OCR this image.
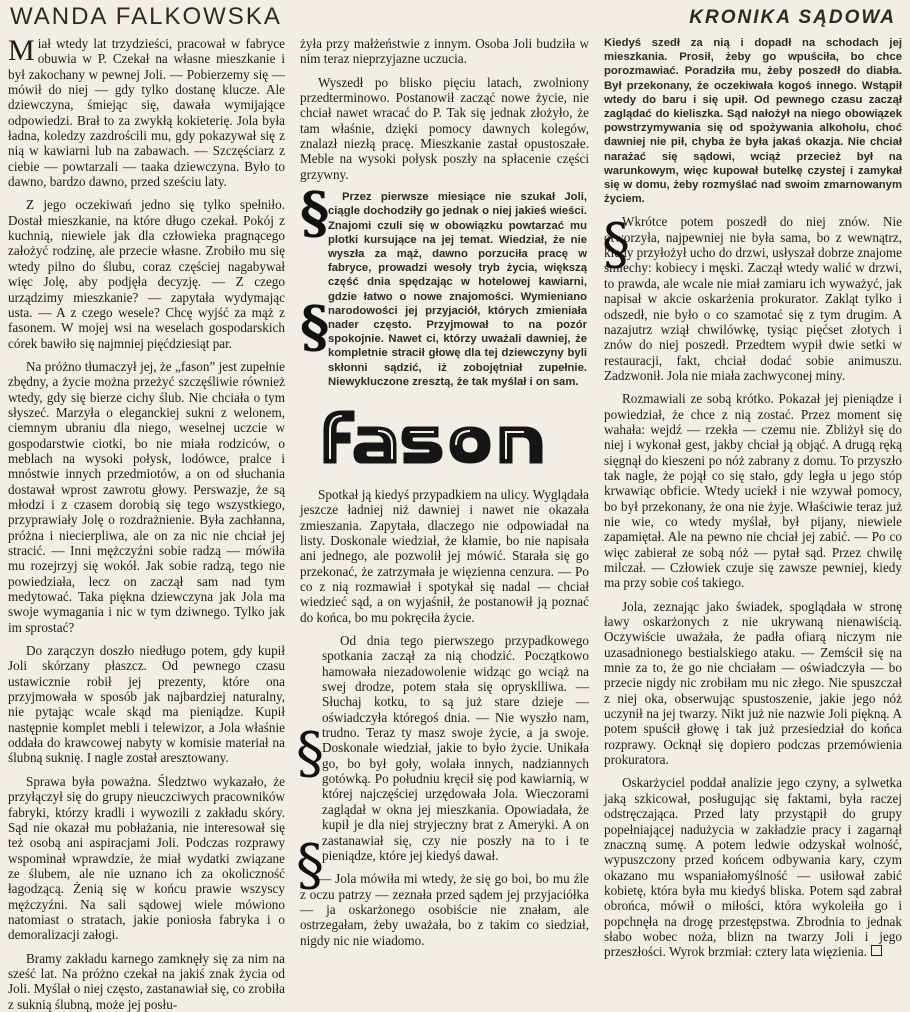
WANDA FALKOWSKA	KRONIKA SĄDOWA

Miał wtedy lat trzydzieści, pracował w fabryce obuwia w P. Czekał na własne mieszkanie i był zakochany w pewnej Joli. — Pobierzemy się — mówił do niej — gdy tylko dostanę klucze. Ale dziewczyna, śmiejąc się, dawała wymijające odpowiedzi. Brał to za zwykłą kokieterię. Jola była ładna, koledzy zazdrościli mu, gdy pokazywał się z nią w kawiarni lub na zabawach. — Szczęściarz z ciebie — powtarzali — taaka dziewczyna. Było to dawno, bardzo dawno, przed sześciu laty.

Z jego oczekiwań jedno się tylko spełniło. Dostał mieszkanie, na które długo czekał. Pokój z kuchnią, niewiele jak dla człowieka pragnącego założyć rodzinę, ale przecie własne. Zrobiło mu się wtedy pilno do ślubu, coraz częściej nagabywał więc Jolę, aby podjęła decyzję. — Z czego urządzimy mieszkanie? — zapytała wydymając usta. — A z czego wesele? Chcę wyjść za mąż z fasonem. W mojej wsi na weselach gospodarskich córek bawiło się najmniej pięćdziesiąt par.

Na próżno tłumaczył jej, że „fason” jest zupełnie zbędny, a życie można przeżyć szczęśliwie również wtedy, gdy się bierze cichy ślub. Nie chciała o tym słyszeć. Marzyła o eleganckiej sukni z welonem, ciemnym ubraniu dla niego, weselnej uczcie w gospodarstwie ciotki, bo nie miała rodziców, o meblach na wysoki połysk, lodówce, pralce i mnóstwie innych przedmiotów, a on od słuchania dostawał wprost zawrotu głowy. Perswazje, że są młodzi i z czasem dorobią się tego wszystkiego, przyprawiały Jolę o rozdrażnienie. Była zachłanna, próżna i niecierpliwa, ale on za nic nie chciał jej stracić. — Inni mężczyźni sobie radzą — mówiła mu rozejrzyj się wokół. Jak sobie radzą, tego nie powiedziała, lecz on zaczął sam nad tym medytować. Taka piękna dziewczyna jak Jola ma swoje wymagania i nic w tym dziwnego. Tylko jak im sprostać?

Do zarączyn doszło niedługo potem, gdy kupił Joli skórzany płaszcz. Od pewnego czasu ustawicznie robił jej prezenty, które ona przyjmowała w sposób jak najbardziej naturalny, nie pytając wcale skąd ma pieniądze. Kupił następnie komplet mebli i telewizor, a Jola właśnie oddała do krawcowej nabyty w komisie materiał na ślubną suknię. I nagle został aresztowany.

Sprawa była poważna. Śledztwo wykazało, że przyłączył się do grupy nieuczciwych pracowników fabryki, którzy kradli i wywozili z zakładu skóry. Sąd nie okazał mu pobłażania, nie interesował się też osobą ani aspiracjami Joli. Podczas rozprawy wspominał wprawdzie, że miał wydatki związane ze ślubem, ale nie uznano ich za okoliczność łagodzącą. Żenią się w końcu prawie wszyscy mężczyźni. Na sali sądowej wiele mówiono natomiast o stratach, jakie poniosła fabryka i o demoralizacji załogi.

Bramy zakładu karnego zamknęły się za nim na sześć lat. Na próżno czekał na jakiś znak życia od Joli. Myślał o niej często, zastanawiał się, co zrobiła z suknią ślubną, może jej posłu-

żyła przy małżeństwie z innym. Osoba Joli budziła w nim teraz nieprzyjazne uczucia.

Wyszedł po blisko pięciu latach, zwolniony przedterminowo. Postanowił zacząć nowe życie, nie chciał nawet wracać do P. Tak się jednak złożyło, że tam właśnie, dzięki pomocy dawnych kolegów, znalazł niezłą pracę. Mieszkanie zastał opustoszałe. Meble na wysoki połysk poszły na spłacenie części grzywny.

§
§

Przez pierwsze miesiące nie szukał Joli, ciągle dochodziły go jednak o niej jakieś wieści. Znajomi czuli się w obowiązku powtarzać mu plotki kursujące na jej temat. Wiedział, że nie wyszła za mąż, dawno porzuciła pracę w fabryce, prowadzi wesoły tryb życia, większą część dnia spędzając w hotelowej kawiarni, gdzie łatwo o nowe znajomości. Wymieniano narodowości jej przyjaciół, których zmieniała nader często. Przyjmował to na pozór spokojnie. Nawet ci, którzy uważali dawniej, że kompletnie stracił głowę dla tej dziewczyny byli skłonni sądzić, iż zobojętniał zupełnie. Niewykluczone zresztą, że tak myślał i on sam.

Spotkał ją kiedyś przypadkiem na ulicy. Wyglądała jeszcze ładniej niż dawniej i nawet nie okazała zmieszania. Zapytała, dlaczego nie odpowiadał na listy. Doskonale wiedział, że kłamie, bo nie napisała ani jednego, ale pozwolił jej mówić. Starała się go przekonać, że zatrzymała je więzienna cenzura. — Po co z nią rozmawiał i spotykał się nadal — chciał wiedzieć sąd, a on wyjaśnił, że postanowił ją poznać do końca, bo mu pokręciła życie.

§
§

Od dnia tego pierwszego przypadkowego spotkania zaczął za nią chodzić. Początkowo hamowała niezadowolenie widząc go wciąż na swej drodze, potem stała się oprysklliwa. — Słuchaj kotku, to są już stare dzieje — oświadczyła któregoś dnia. — Nie wyszło nam, trudno. Teraz ty masz swoje życie, a ja swoje. Doskonale wiedział, jakie to było życie. Unikała go, bo był goły, wolała innych, nadziannych gotówką. Po południu kręcił się pod kawiarnią, w której najczęściej urzędowała Jola. Wieczorami zaglądał w okna jej mieszkania. Opowiadała, że kupił je dla niej stryjeczny brat z Ameryki. A on zastanawiał się, czy nie poszły na to i te pieniądze, które jej kiedyś dawał.

— Jola mówiła mi wtedy, że się go boi, bo mu źle z oczu patrzy — zeznała przed sądem jej przyjaciółka — ja oskarżonego osobiście nie znałam, ale ostrzegałam, żeby uważała, bo z takim co siedział, nigdy nic nie wiadomo.

Kiedyś szedł za nią i dopadł na schodach jej mieszkania. Prosił, żeby go wpuściła, bo chce porozmawiać. Poradziła mu, żeby poszedł do diabła. Był przekonany, że oczekiwała kogoś innego. Wstąpił wtedy do baru i się upił. Od pewnego czasu zaczął zaglądać do kieliszka. Sąd nałożył na niego obowiązek powstrzymywania się od spożywania alkoholu, choć dawniej nie pił, chyba że była jakaś okazja. Nie chciał narażać się sądowi, wciąż przecież był na warunkowym, więc kupował butelkę czystej i zamykał się w domu, żeby rozmyślać nad swoim zmarnowanym życiem.

§

Wkrótce potem poszedł do niej znów. Nie otworzyła, najpewniej nie była sama, bo z wewnątrz, kiedy przyłożył ucho do drzwi, usłyszał dobrze znajome śmiechy: kobiecy i męski. Zaczął wtedy walić w drzwi, to prawda, ale wcale nie miał zamiaru ich wyważyć, jak napisał w akcie oskarżenia prokurator. Zakląt tylko i odszedł, nie było o co szamotać się z tym drugim. A nazajutrz wziął chwilówkę, tysiąc pięćset złotych i znów do niej poszedł. Przedtem wypił dwie setki w restauracji, fakt, chciał dodać sobie animuszu. Zadzwonił. Jola nie miała zachwyconej miny.

Rozmawiali ze sobą krótko. Pokazał jej pieniądze i powiedział, że chce z nią zostać. Przez moment się wahała: wejdź — rzekła — czemu nie. Zbliżył się do niej i wykonał gest, jakby chciał ją objąć. A drugą ręką sięgnął do kieszeni po nóż zabrany z domu. To przyszło tak nagle, że pojął co się stało, gdy legła u jego stóp krwawiąc obficie. Wtedy uciekł i nie wzywał pomocy, bo był przekonany, że ona nie żyje. Właściwie teraz już nie wie, co wtedy myślał, był pijany, niewiele zapamiętał. Ale na pewno nie chciał jej zabić. — Po co więc zabierał ze sobą nóż — pytał sąd. Przez chwilę milczał. — Człowiek czuje się zawsze pewniej, kiedy ma przy sobie coś takiego.

Jola, zeznając jako świadek, spoglądała w stronę ławy oskarżonych z nie ukrywaną nienawiścią. Oczywiście uważała, że padła ofiarą niczym nie uzasadnionego bestialskiego ataku. — Zemścił się na mnie za to, że go nie chciałam — oświadczyła — bo przecie nigdy nic zrobiłam mu nic złego. Nie spuszczał z niej oka, obserwując spustoszenie, jakie jego nóż uczynił na jej twarzy. Nikt już nie nazwie Joli piękną. A potem spuścił głowę i tak już przesiedział do końca rozprawy. Ocknął się dopiero podczas przemówienia prokuratora.

Oskarżyciel poddał analizie jego czyny, a sylwetka jaką szkicował, posługując się faktami, była raczej odstręczająca. Przed laty przystąpił do grupy popełniającej nadużycia w zakładzie pracy i zagarnął znaczną sumę. A potem ledwie odzyskał wolność, wypuszczony przed końcem odbywania kary, czym okazano mu wspaniałomyślność — usiłował zabić kobietę, która była mu kiedyś bliska. Potem sąd zabrał obrońca, mówił o miłości, która wykoleiła go i popchnęła na drogę przestępstwa. Zbrodnia to jednak słabo wobec noża, blizn na twarzy Joli i jego przeszłości. Wyrok brzmiał: cztery lata więzienia.
